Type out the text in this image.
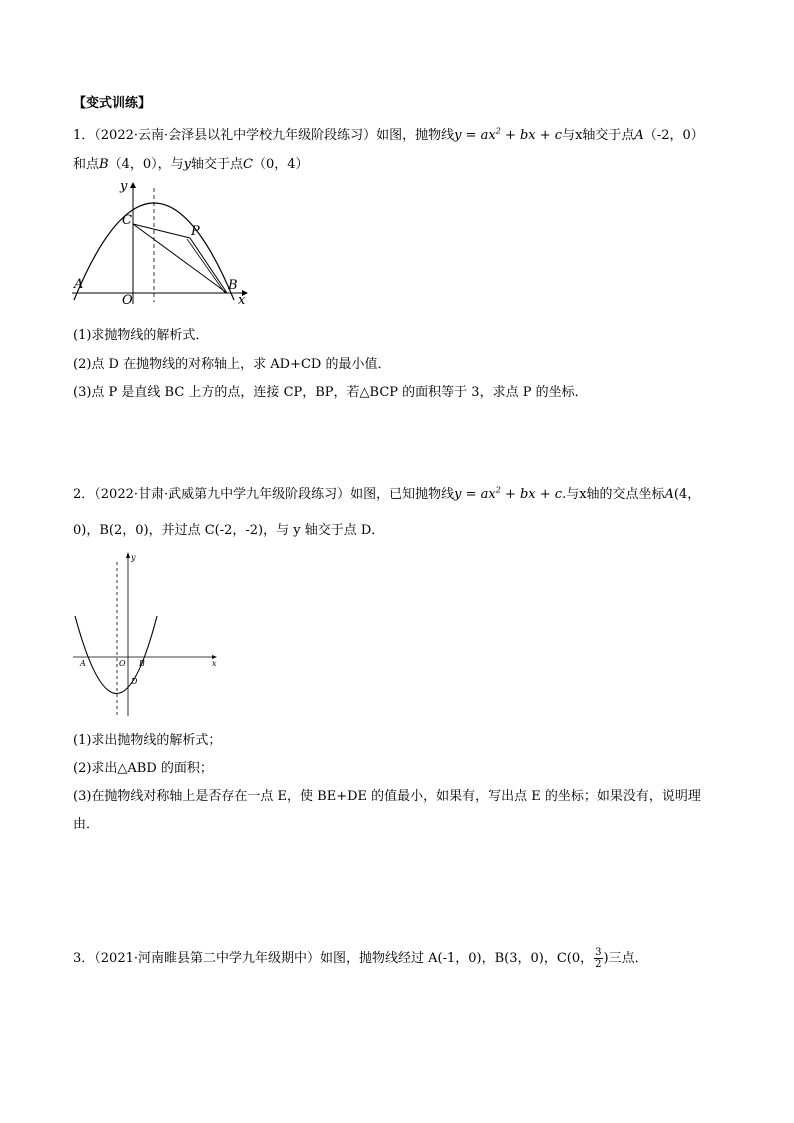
【变式训练】
1．（2022·云南·会泽县以礼中学校九年级阶段练习）如图，抛物线$y = ax^2$ + bx + c与x轴交于点A（-2，0）
和点B（4，0），与y轴交于点C（0，4）
y
C
P
A
O
B
x
(1)求抛物线的解析式．
(2)点 D 在抛物线的对称轴上，求 AD+CD 的最小值．
(3)点 P 是直线 BC 上方的点，连接 CP，BP，若△BCP 的面积等于 3，求点 P 的坐标．
2．（2022·甘肃·武威第九中学九年级阶段练习）如图，已知抛物线$y = ax^2$ + bx + c.与x轴的交点坐标A(4，
0)，B(2，0)，并过点 C(-2，-2)，与 y 轴交于点 D．
y
A	O B
D
x
(1)求出抛物线的解析式；
(2)求出△ABD 的面积；
(3)在抛物线对称轴上是否存在一点 E，使 BE+DE 的值最小，如果有，写出点 E 的坐标；如果没有，说明理
由．
3．（2021·河南睢县第二中学九年级期中）如图，抛物线经过 A(-1，0)，B(3，0)，C(0， $\frac{3}{2}$ )三点．
